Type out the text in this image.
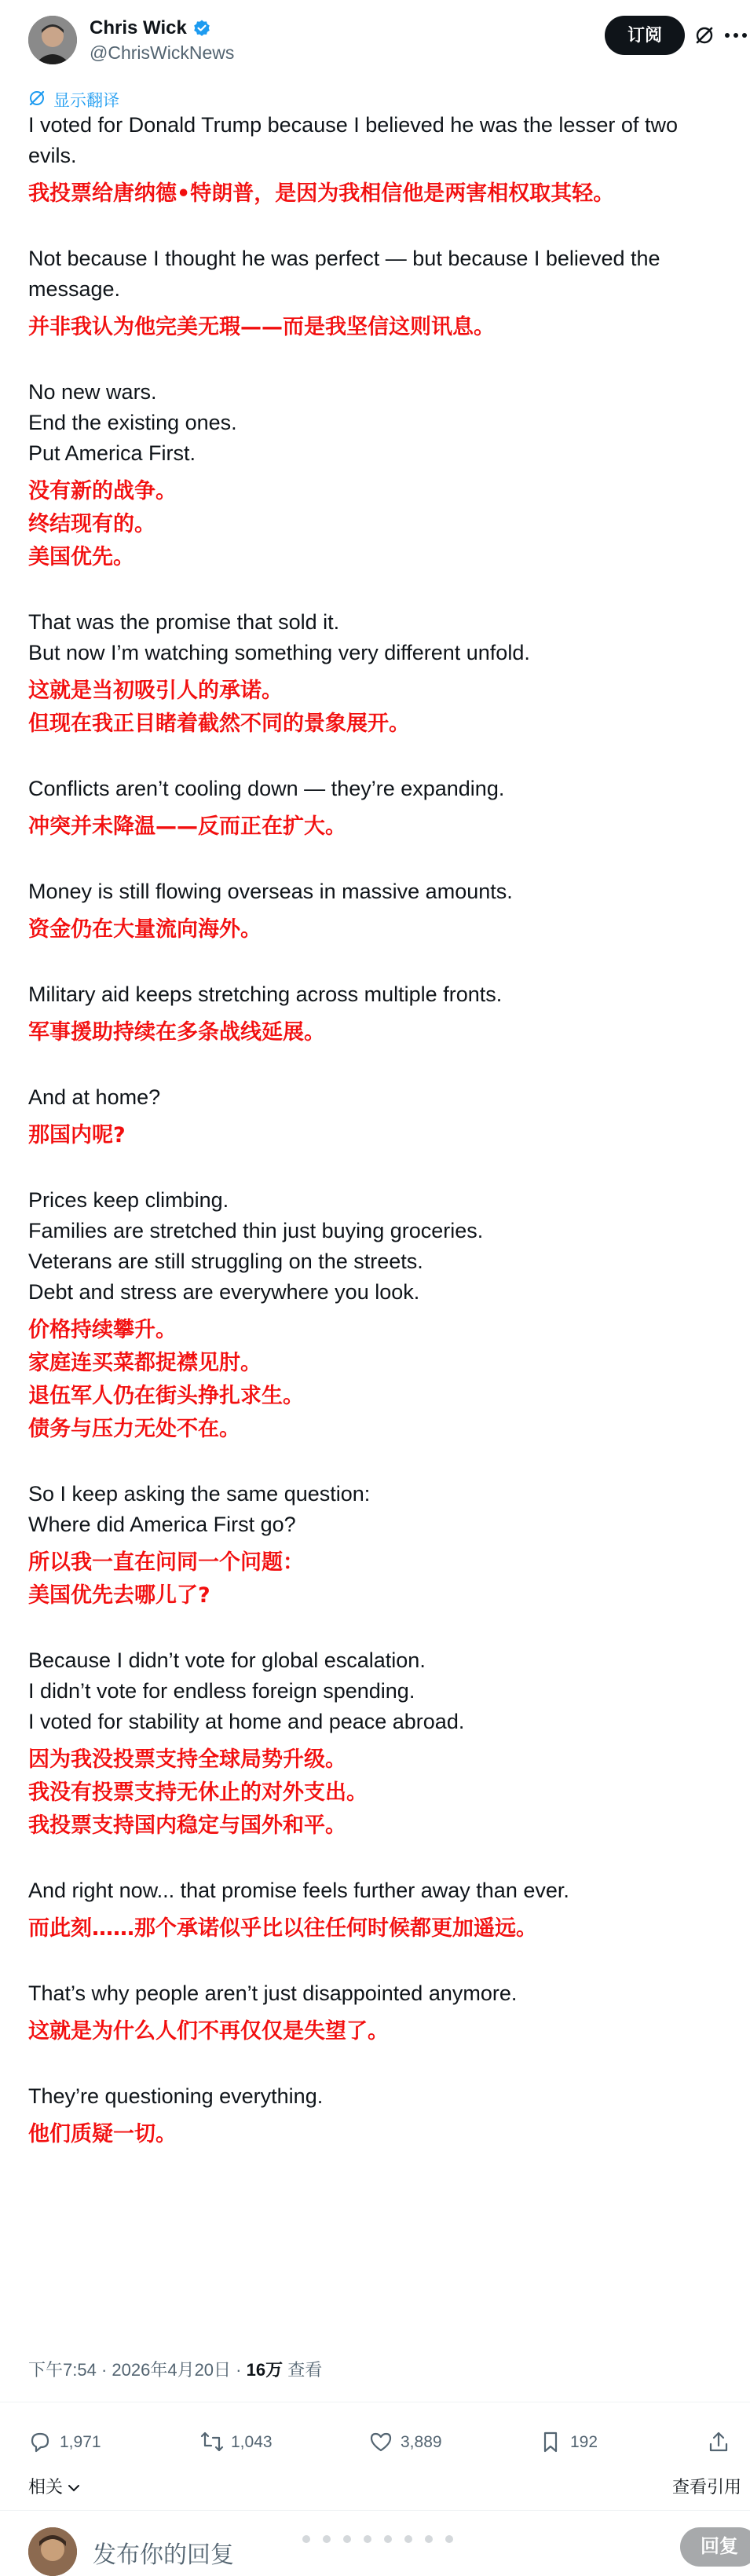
Chris Wick
@ChrisWickNews
订阅
显示翻译
I voted for Donald Trump because I believed he was the lesser of two
evils.
我投票给唐纳德•特朗普，是因为我相信他是两害相权取其轻。
Not because I thought he was perfect — but because I believed the
message.
并非我认为他完美无瑕——而是我坚信这则讯息。
No new wars.
End the existing ones.
Put America First.
没有新的战争。
终结现有的。
美国优先。
That was the promise that sold it.
But now I’m watching something very different unfold.
这就是当初吸引人的承诺。
但现在我正目睹着截然不同的景象展开。
Conflicts aren’t cooling down — they’re expanding.
冲突并未降温——反而正在扩大。
Money is still flowing overseas in massive amounts.
资金仍在大量流向海外。
Military aid keeps stretching across multiple fronts.
军事援助持续在多条战线延展。
And at home?
那国内呢?
Prices keep climbing.
Families are stretched thin just buying groceries.
Veterans are still struggling on the streets.
Debt and stress are everywhere you look.
价格持续攀升。
家庭连买菜都捉襟见肘。
退伍军人仍在街头挣扎求生。
债务与压力无处不在。
So I keep asking the same question:
Where did America First go?
所以我一直在问同一个问题：
美国优先去哪儿了?
Because I didn’t vote for global escalation.
I didn’t vote for endless foreign spending.
I voted for stability at home and peace abroad.
因为我没投票支持全球局势升级。
我没有投票支持无休止的对外支出。
我投票支持国内稳定与国外和平。
And right now... that promise feels further away than ever.
而此刻……那个承诺似乎比以往任何时候都更加遥远。
That’s why people aren’t just disappointed anymore.
这就是为什么人们不再仅仅是失望了。
They’re questioning everything.
他们质疑一切。
下午7:54 · 2026年4月20日 · 16万 查看
1,971	1,043	3,889	192
相关	查看引用
发布你的回复	回复
